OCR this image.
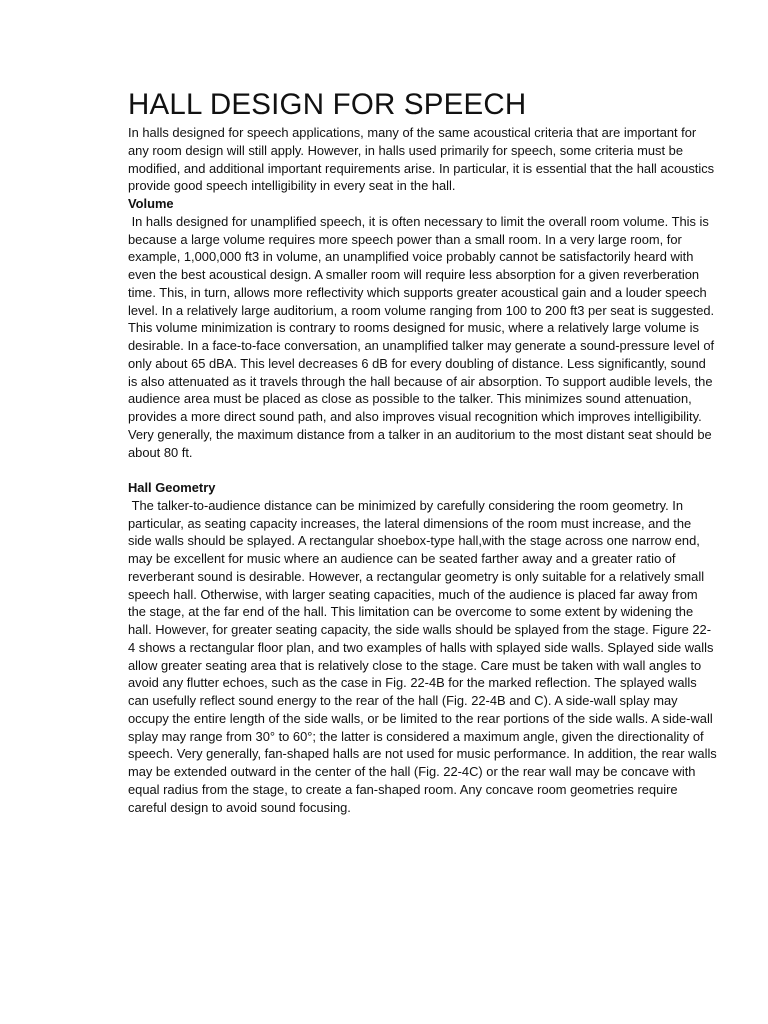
HALL DESIGN FOR SPEECH

In halls designed for speech applications, many of the same acoustical criteria that are important for any room design will still apply. However, in halls used primarily for speech, some criteria must be modified, and additional important requirements arise. In particular, it is essential that the hall acoustics provide good speech intelligibility in every seat in the hall.

Volume

In halls designed for unamplified speech, it is often necessary to limit the overall room volume. This is because a large volume requires more speech power than a small room. In a very large room, for example, 1,000,000 ft3 in volume, an unamplified voice probably cannot be satisfactorily heard with even the best acoustical design. A smaller room will require less absorption for a given reverberation time. This, in turn, allows more reflectivity which supports greater acoustical gain and a louder speech level. In a relatively large auditorium, a room volume ranging from 100 to 200 ft3 per seat is suggested. This volume minimization is contrary to rooms designed for music, where a relatively large volume is desirable. In a face-to-face conversation, an unamplified talker may generate a sound-pressure level of only about 65 dBA. This level decreases 6 dB for every doubling of distance. Less significantly, sound is also attenuated as it travels through the hall because of air absorption. To support audible levels, the audience area must be placed as close as possible to the talker. This minimizes sound attenuation, provides a more direct sound path, and also improves visual recognition which improves intelligibility. Very generally, the maximum distance from a talker in an auditorium to the most distant seat should be about 80 ft.

Hall Geometry

The talker-to-audience distance can be minimized by carefully considering the room geometry. In particular, as seating capacity increases, the lateral dimensions of the room must increase, and the side walls should be splayed. A rectangular shoebox-type hall,with the stage across one narrow end, may be excellent for music where an audience can be seated farther away and a greater ratio of reverberant sound is desirable. However, a rectangular geometry is only suitable for a relatively small speech hall. Otherwise, with larger seating capacities, much of the audience is placed far away from the stage, at the far end of the hall. This limitation can be overcome to some extent by widening the hall. However, for greater seating capacity, the side walls should be splayed from the stage. Figure 22-4 shows a rectangular floor plan, and two examples of halls with splayed side walls. Splayed side walls allow greater seating area that is relatively close to the stage. Care must be taken with wall angles to avoid any flutter echoes, such as the case in Fig. 22-4B for the marked reflection. The splayed walls can usefully reflect sound energy to the rear of the hall (Fig. 22-4B and C). A side-wall splay may occupy the entire length of the side walls, or be limited to the rear portions of the side walls. A side-wall splay may range from 30° to 60°; the latter is considered a maximum angle, given the directionality of speech. Very generally, fan-shaped halls are not used for music performance. In addition, the rear walls may be extended outward in the center of the hall (Fig. 22-4C) or the rear wall may be concave with equal radius from the stage, to create a fan-shaped room. Any concave room geometries require careful design to avoid sound focusing.
